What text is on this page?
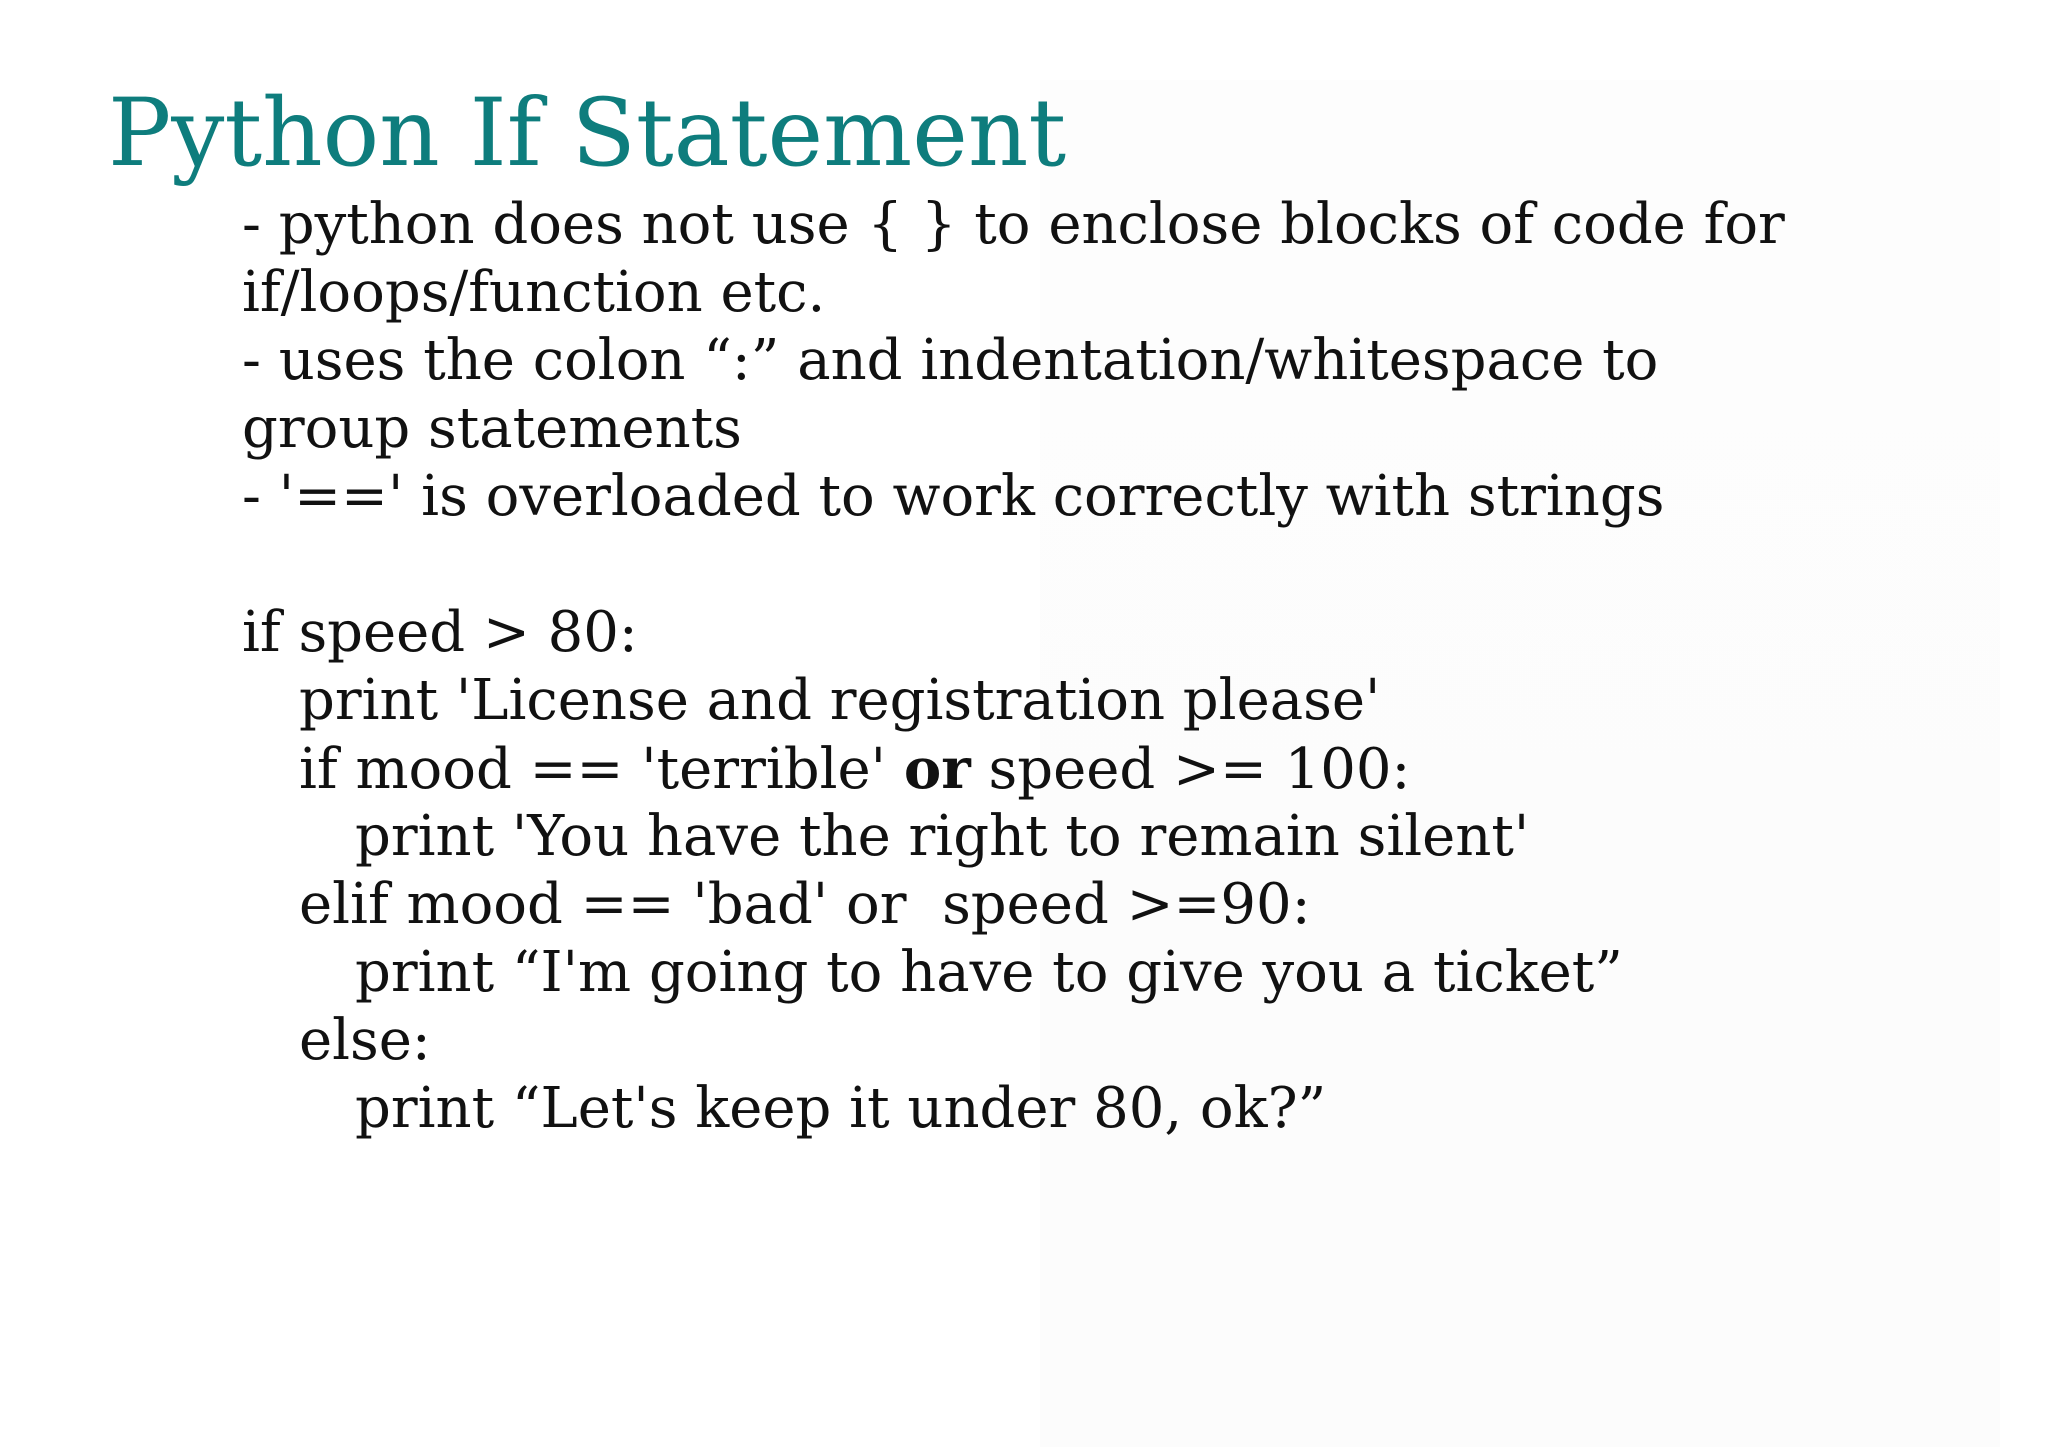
Python If Statement
- python does not use { } to enclose blocks of code for
if/loops/function etc.
- uses the colon “:” and indentation/whitespace to
group statements
- '==' is overloaded to work correctly with strings
if speed > 80:
print 'License and registration please'
if mood == 'terrible' or speed >= 100:
print 'You have the right to remain silent'
elif mood == 'bad' or  speed >=90:
print “I'm going to have to give you a ticket”
else:
print “Let's keep it under 80, ok?”
